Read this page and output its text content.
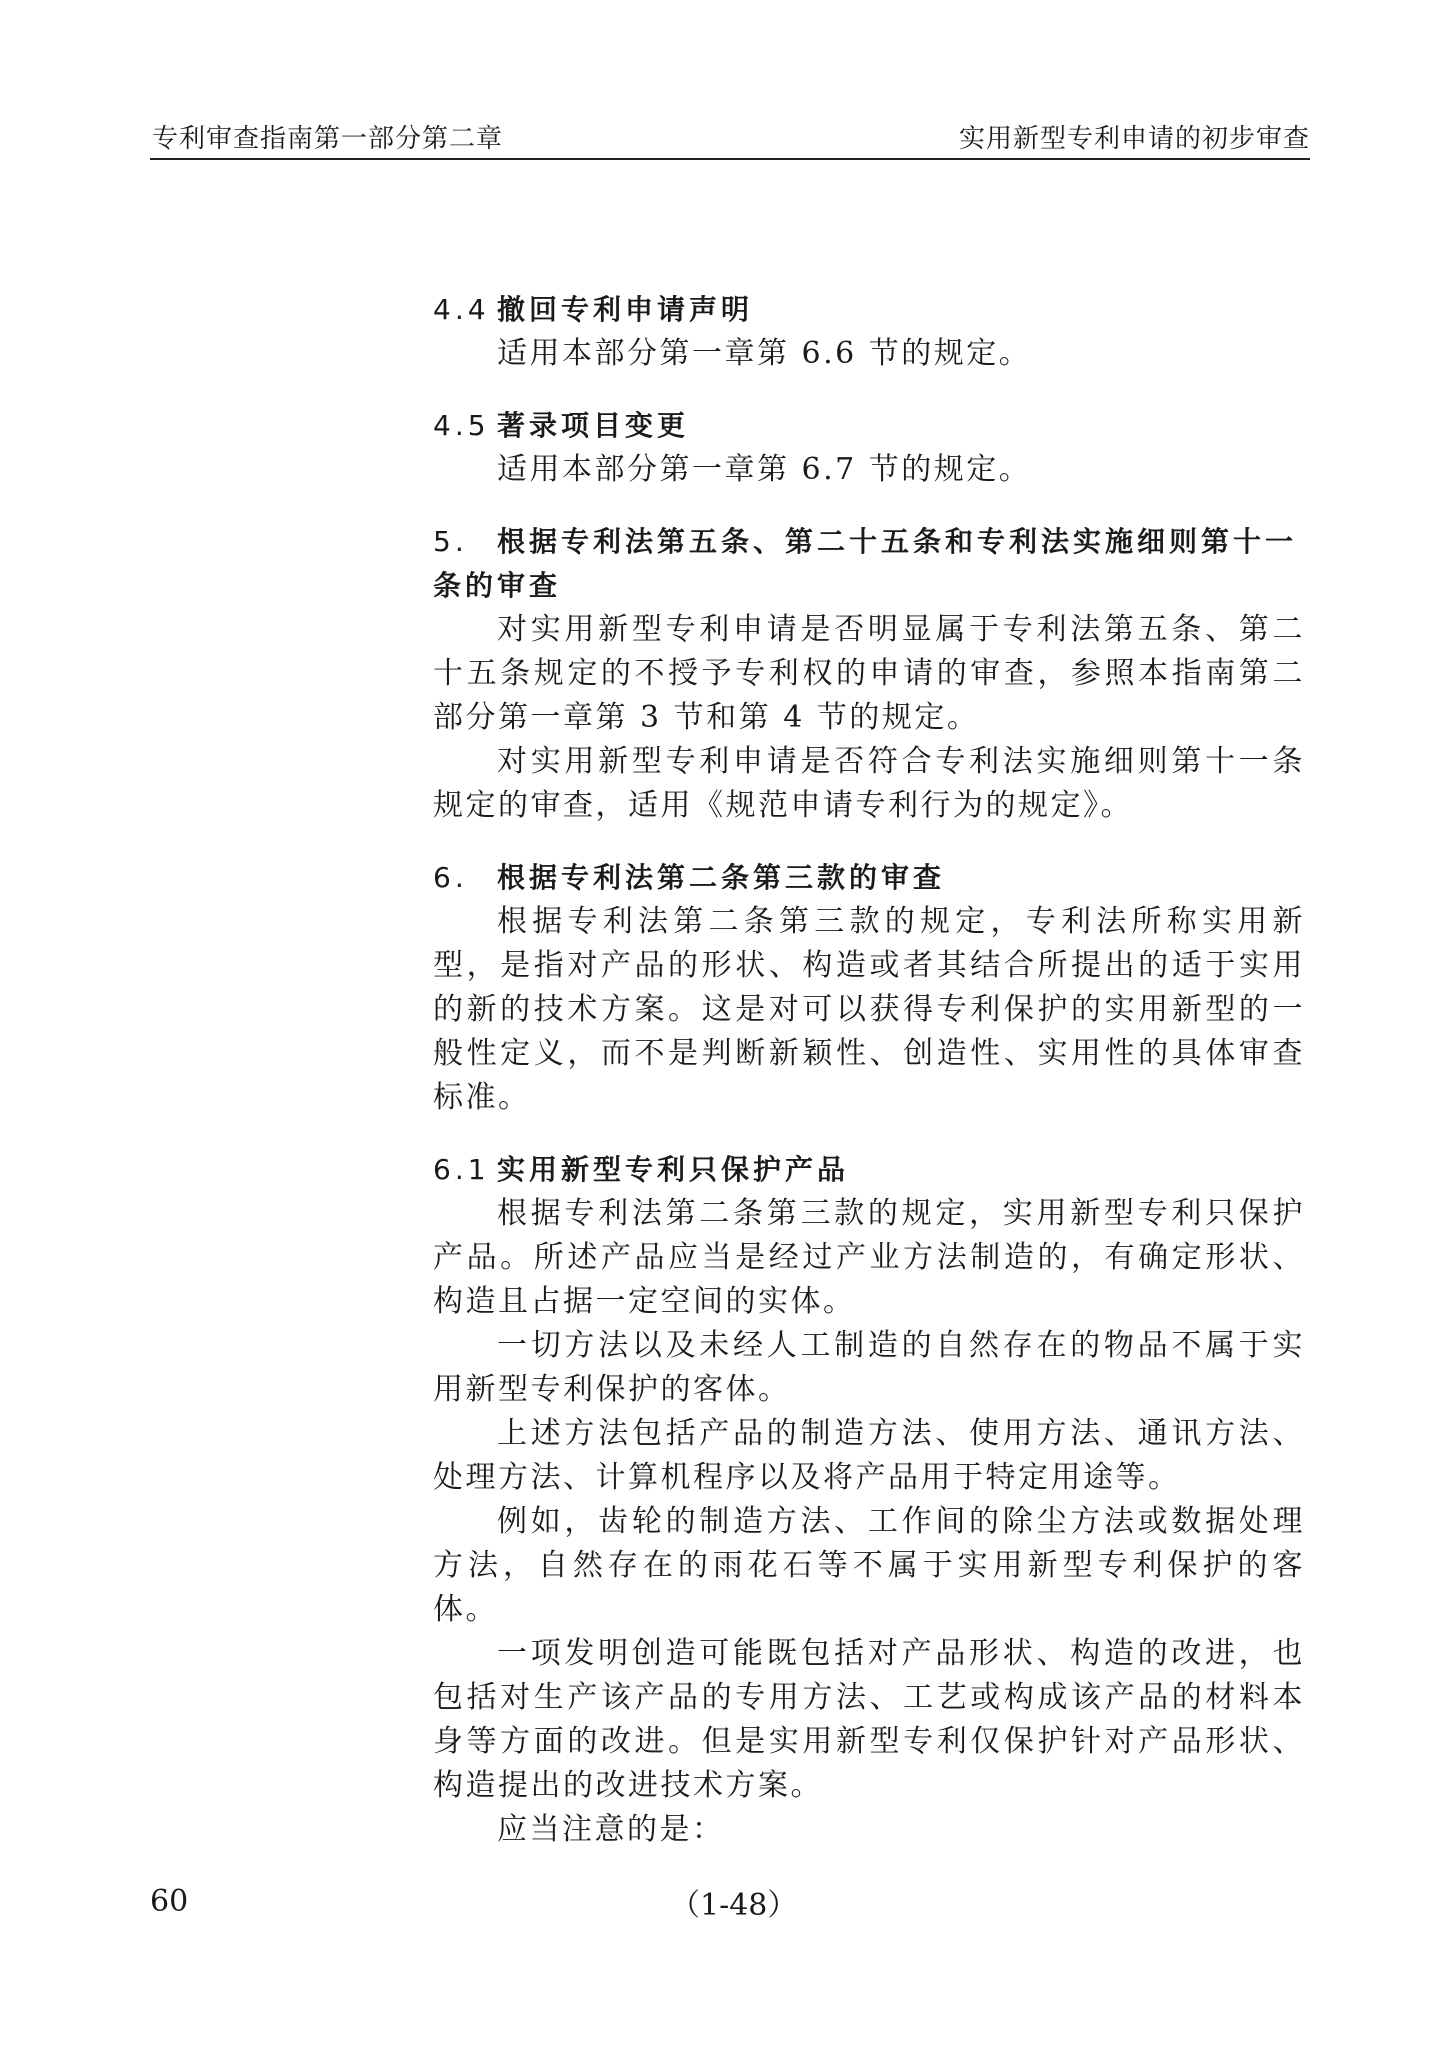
专利审查指南第一部分第二章	实用新型专利申请的初步审查
4.4 撤回专利申请声明

适用本部分第一章第 6.6 节的规定。

4.5 著录项目变更

适用本部分第一章第 6.7 节的规定。

5. 根据专利法第五条、第二十五条和专利法实施细则第十一条的审查

对实用新型专利申请是否明显属于专利法第五条、第二十五条规定的不授予专利权的申请的审查，参照本指南第二部分第一章第 3 节和第 4 节的规定。

对实用新型专利申请是否符合专利法实施细则第十一条规定的审查，适用《规范申请专利行为的规定》。

6. 根据专利法第二条第三款的审查

根据专利法第二条第三款的规定，专利法所称实用新型，是指对产品的形状、构造或者其结合所提出的适于实用的新的技术方案。这是对可以获得专利保护的实用新型的一般性定义，而不是判断新颖性、创造性、实用性的具体审查标准。

6.1 实用新型专利只保护产品

根据专利法第二条第三款的规定，实用新型专利只保护产品。所述产品应当是经过产业方法制造的，有确定形状、构造且占据一定空间的实体。

一切方法以及未经人工制造的自然存在的物品不属于实用新型专利保护的客体。

上述方法包括产品的制造方法、使用方法、通讯方法、处理方法、计算机程序以及将产品用于特定用途等。

例如，齿轮的制造方法、工作间的除尘方法或数据处理方法，自然存在的雨花石等不属于实用新型专利保护的客体。

一项发明创造可能既包括对产品形状、构造的改进，也包括对生产该产品的专用方法、工艺或构成该产品的材料本身等方面的改进。但是实用新型专利仅保护针对产品形状、构造提出的改进技术方案。

应当注意的是：

60	（1-48）
